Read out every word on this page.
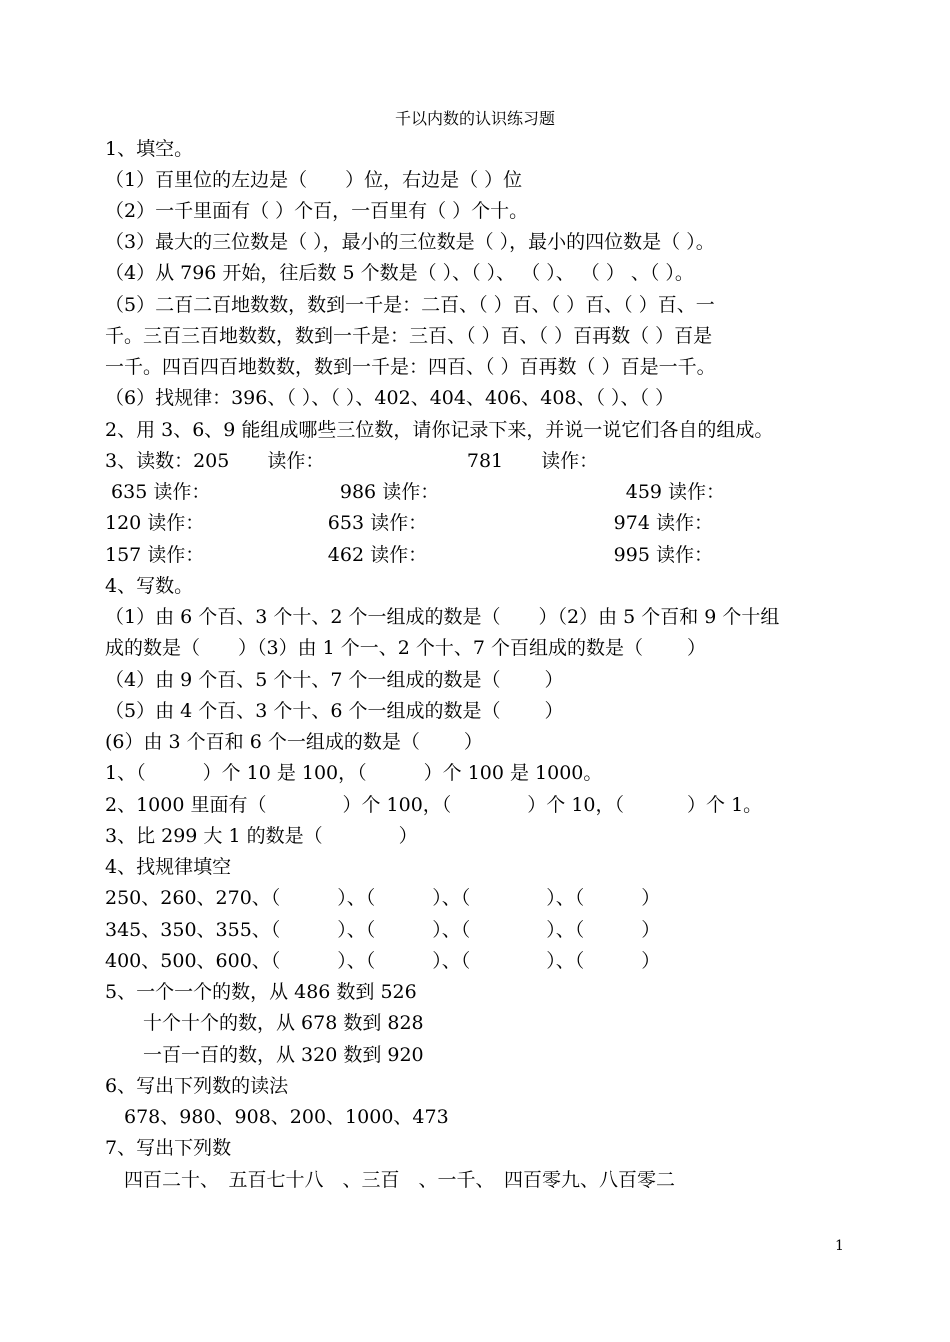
千以内数的认识练习题
1、填空。
（1）百里位的左边是（　　）位，右边是（ ）位
（2）一千里面有（ ）个百，一百里有（ ）个十。
（3）最大的三位数是（ ），最小的三位数是（ ），最小的四位数是（ ）。
（4）从 796 开始，往后数 5 个数是（ ）、（ ）、 （ ）、 （ ） 、（ ）。
（5）二百二百地数数，数到一千是：二百、（ ）百、（ ）百、（ ）百、一
千。三百三百地数数，数到一千是：三百、（ ）百、（ ）百再数（ ）百是
一千。四百四百地数数，数到一千是：四百、（ ）百再数（ ）百是一千。
（6）找规律：396、（ ）、（ ）、402、404、406、408、（ ）、（ ）
2、用 3、6、9 能组成哪些三位数，请你记录下来，并说一说它们各自的组成。
3、读数：205　　读作：　　　　　　　　781　　读作：
635 读作：　　　　　　　 986 读作：　　　　　　　　　　 459 读作：
120 读作：　　　　　　　653 读作：　　　　　　　　　　 974 读作：
157 读作：　　　　　　　462 读作：　　　　　　　　　　 995 读作：
4、写数。
（1）由 6 个百、3 个十、2 个一组成的数是（　　）（2）由 5 个百和 9 个十组
成的数是（　　）（3）由 1 个一、2 个十、7 个百组成的数是（　　 ）
（4）由 9 个百、5 个十、7 个一组成的数是（　　 ）
（5）由 4 个百、3 个十、6 个一组成的数是（　　 ）
(6）由 3 个百和 6 个一组成的数是（　　 ）
1、（　　　）个 10 是 100，（　　　）个 100 是 1000。
2、1000 里面有（　　　　）个 100，（　　　　）个 10，（　　　 ）个 1。
3、比 299 大 1 的数是（　　　　）
4、找规律填空
250、260、270、（　　　）、（　　　）、（　　　　）、（　　　）
345、350、355、（　　　）、（　　　）、（　　　　）、（　　　）
400、500、600、（　　　）、（　　　）、（　　　　）、（　　　）
5、一个一个的数，从 486 数到 526
　　十个十个的数，从 678 数到 828
　　一百一百的数，从 320 数到 920
6、写出下列数的读法
　678、980、908、200、1000、473
7、写出下列数
　四百二十、　五百七十八　、三百　、一千、　四百零九、八百零二
1
